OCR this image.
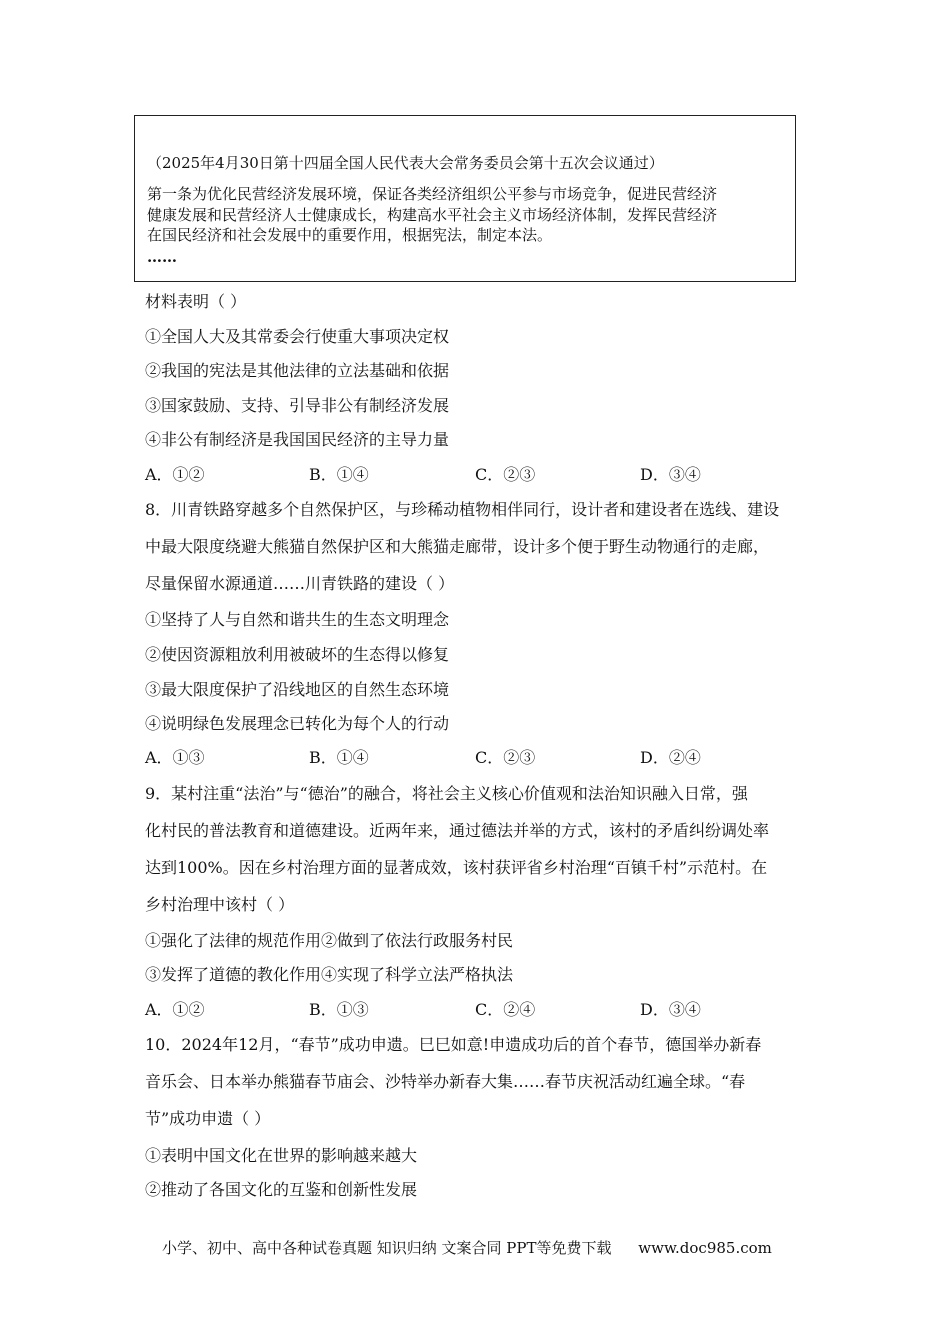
（2025年4月30日第十四届全国人民代表大会常务委员会第十五次会议通过）
第一条为优化民营经济发展环境，保证各类经济组织公平参与市场竞争，促进民营经济
健康发展和民营经济人士健康成长，构建高水平社会主义市场经济体制，发挥民营经济
在国民经济和社会发展中的重要作用，根据宪法，制定本法。
……
材料表明（ ）
①全国人大及其常委会行使重大事项决定权
②我国的宪法是其他法律的立法基础和依据
③国家鼓励、支持、引导非公有制经济发展
④非公有制经济是我国国民经济的主导力量
A．①②	B．①④	C．②③	D．③④
8．川青铁路穿越多个自然保护区，与珍稀动植物相伴同行，设计者和建设者在选线、建设
中最大限度绕避大熊猫自然保护区和大熊猫走廊带，设计多个便于野生动物通行的走廊，
尽量保留水源通道……川青铁路的建设（ ）
①坚持了人与自然和谐共生的生态文明理念
②使因资源粗放利用被破坏的生态得以修复
③最大限度保护了沿线地区的自然生态环境
④说明绿色发展理念已转化为每个人的行动
A．①③	B．①④	C．②③	D．②④
9．某村注重“法治”与“德治”的融合，将社会主义核心价值观和法治知识融入日常，强
化村民的普法教育和道德建设。近两年来，通过德法并举的方式，该村的矛盾纠纷调处率
达到100%。因在乡村治理方面的显著成效，该村获评省乡村治理“百镇千村”示范村。在
乡村治理中该村（ ）
①强化了法律的规范作用②做到了依法行政服务村民
③发挥了道德的教化作用④实现了科学立法严格执法
A．①②	B．①③	C．②④	D．③④
10．2024年12月，“春节”成功申遗。巳巳如意!申遗成功后的首个春节，德国举办新春
音乐会、日本举办熊猫春节庙会、沙特举办新春大集……春节庆祝活动红遍全球。“春
节”成功申遗（ ）
①表明中国文化在世界的影响越来越大
②推动了各国文化的互鉴和创新性发展
小学、初中、高中各种试卷真题 知识归纳 文案合同 PPT等免费下载 www.doc985.com
